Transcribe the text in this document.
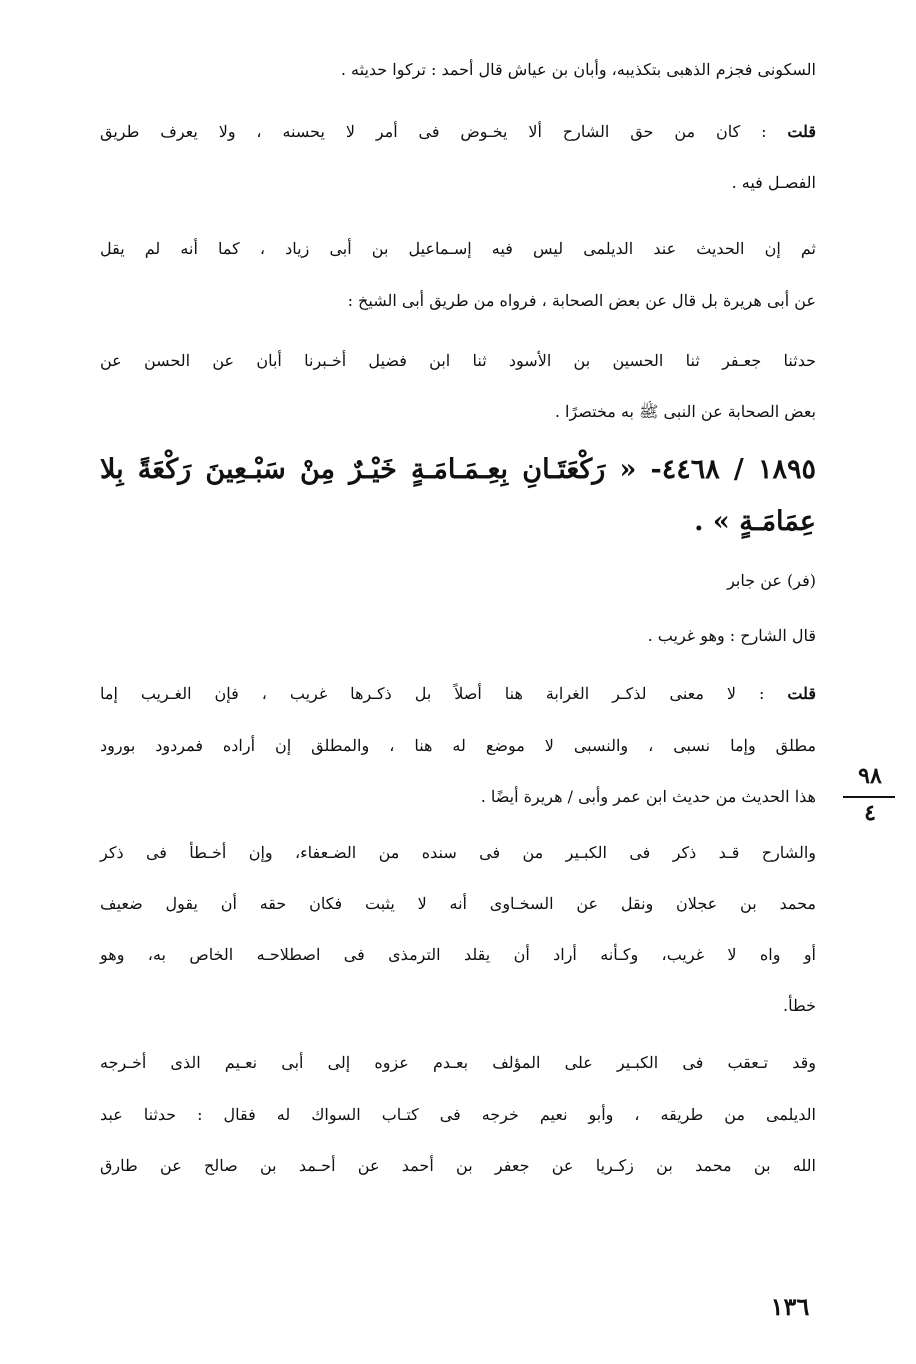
السكونى فجزم الذهبى بتكذيبه، وأبان بن عياش قال أحمد : تركوا حديثه .
قلت : كان من حق الشارح ألا يخـوض فى أمر لا يحسنه ، ولا يعرف طريق
الفصـل فيه .
ثم إن الحديث عند الديلمى ليس فيه إسـماعيل بن أبى زياد ، كما أنه لم يقل
عن أبى هريرة بل قال عن بعض الصحابة ، فرواه من طريق أبى الشيخ :
حدثنا جعـفر ثنا الحسين بن الأسود ثنا ابن فضيل أخـبرنا أبان عن الحسن عن
بعض الصحابة عن النبى ﷺ به مختصرًا .
١٨٩٥ / ٤٤٦٨- « رَكْعَتَـانِ بِعِـمَـامَـةٍ خَيْـرٌ مِنْ سَبْـعِينَ رَكْعَةً بِلا
عِمَامَـةٍ » .
(فر) عن جابر
قال الشارح : وهو غريب .
قلت : لا معنى لذكـر الغرابة هنا أصلاً بل ذكـرها غريب ، فإن الغـريب إما
مطلق وإما نسبى ، والنسبى لا موضع له هنا ، والمطلق إن أراده فمردود بورود
هذا الحديث من حديث ابن عمر وأبى / هريرة أيضًا .
والشارح قـد ذكر فى الكبـير من فى سنده من الضـعفاء، وإن أخـطأ فى ذكر
محمد بن عجلان ونقل عن السخـاوى أنه لا يثبت فكان حقه أن يقول ضعيف
أو واه لا غريب، وكـأنه أراد أن يقلد الترمذى فى اصطلاحـه الخاص به، وهو
خطأ.
وقد تـعقب فى الكبـير على المؤلف بعـدم عزوه إلى أبى نعـيم الذى أخـرجه
الديلمى من طريقه ، وأبو نعيم خرجه فى كتـاب السواك له فقال : حدثنا عبد
الله بن محمد بن زكـريا عن جعفر بن أحمد عن أحـمد بن صالح عن طارق
٩٨
٤
١٣٦
